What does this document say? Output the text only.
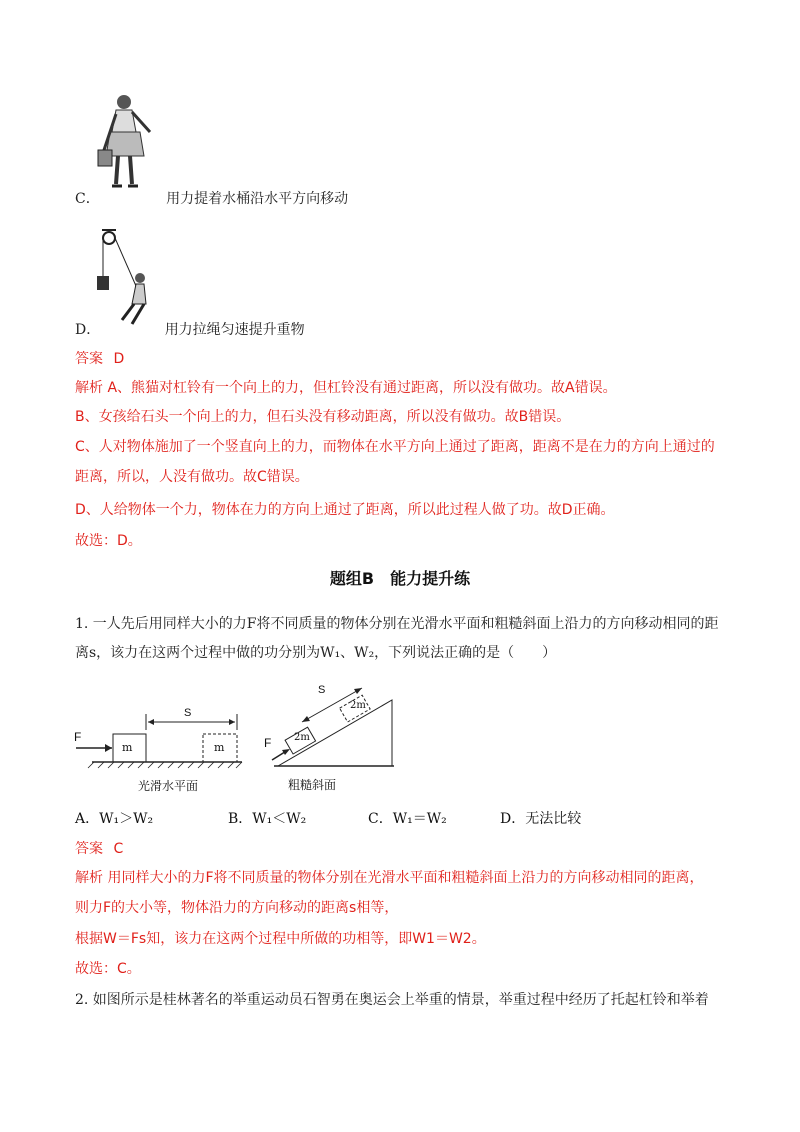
C．	用力提着水桶沿水平方向移动
D．	用力拉绳匀速提升重物
答案 D
解析 A、熊猫对杠铃有一个向上的力，但杠铃没有通过距离，所以没有做功。故A错误。
B、女孩给石头一个向上的力，但石头没有移动距离，所以没有做功。故B错误。
C、人对物体施加了一个竖直向上的力，而物体在水平方向上通过了距离，距离不是在力的方向上通过的
距离，所以，人没有做功。故C错误。
D、人给物体一个力，物体在力的方向上通过了距离，所以此过程人做了功。故D正确。
故选：D。
题组B　能力提升练
1. 一人先后用同样大小的力F将不同质量的物体分别在光滑水平面和粗糙斜面上沿力的方向移动相同的距
离s，该力在这两个过程中做的功分别为W₁、W₂，下列说法正确的是（　　）
F
m	m
S
光滑水平面
F 2m
2m
S
粗糙斜面
A．W₁＞W₂	B．W₁＜W₂	C．W₁＝W₂	D．无法比较
答案 C
解析 用同样大小的力F将不同质量的物体分别在光滑水平面和粗糙斜面上沿力的方向移动相同的距离，
则力F的大小等，物体沿力的方向移动的距离s相等，
根据W＝Fs知，该力在这两个过程中所做的功相等，即W1＝W2。
故选：C。
2. 如图所示是桂林著名的举重运动员石智勇在奥运会上举重的情景，举重过程中经历了托起杠铃和举着
